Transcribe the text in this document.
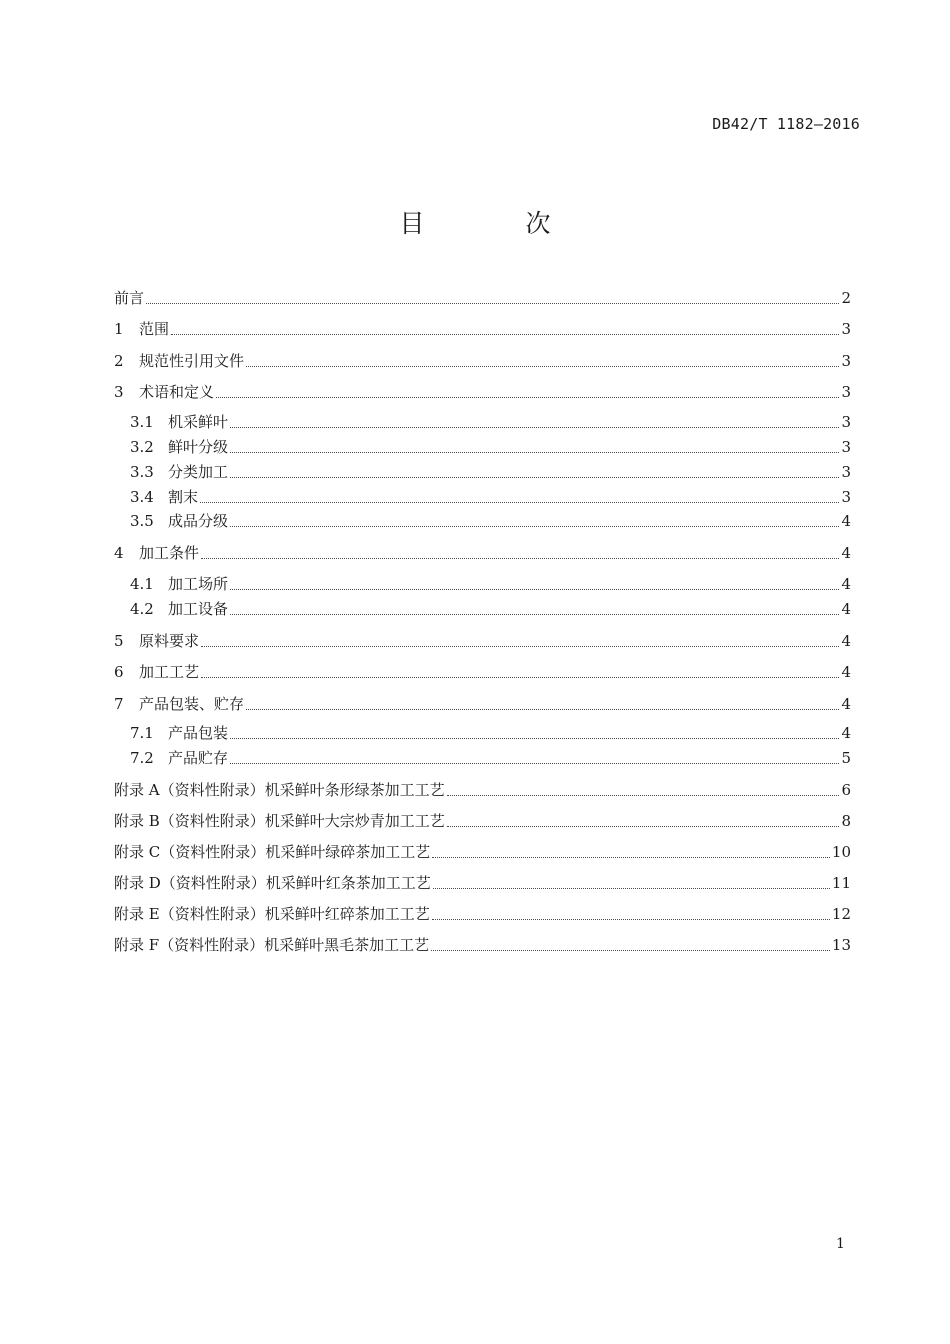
DB42/T 1182—2016
目　次
前言	2
1	范围	3
2	规范性引用文件	3
3	术语和定义	3
3.1 机采鲜叶	3
3.2 鲜叶分级	3
3.3 分类加工	3
3.4 割末	3
3.5 成品分级	4
4	加工条件	4
4.1 加工场所	4
4.2 加工设备	4
5	原料要求	4
6	加工工艺	4
7	产品包装、贮存	4
7.1 产品包装	4
7.2 产品贮存	5
附录 A（资料性附录）机采鲜叶条形绿茶加工工艺	6
附录 B（资料性附录）机采鲜叶大宗炒青加工工艺	8
附录 C（资料性附录）机采鲜叶绿碎茶加工工艺	10
附录 D（资料性附录）机采鲜叶红条茶加工工艺	11
附录 E（资料性附录）机采鲜叶红碎茶加工工艺	12
附录 F（资料性附录）机采鲜叶黑毛茶加工工艺	13
1
